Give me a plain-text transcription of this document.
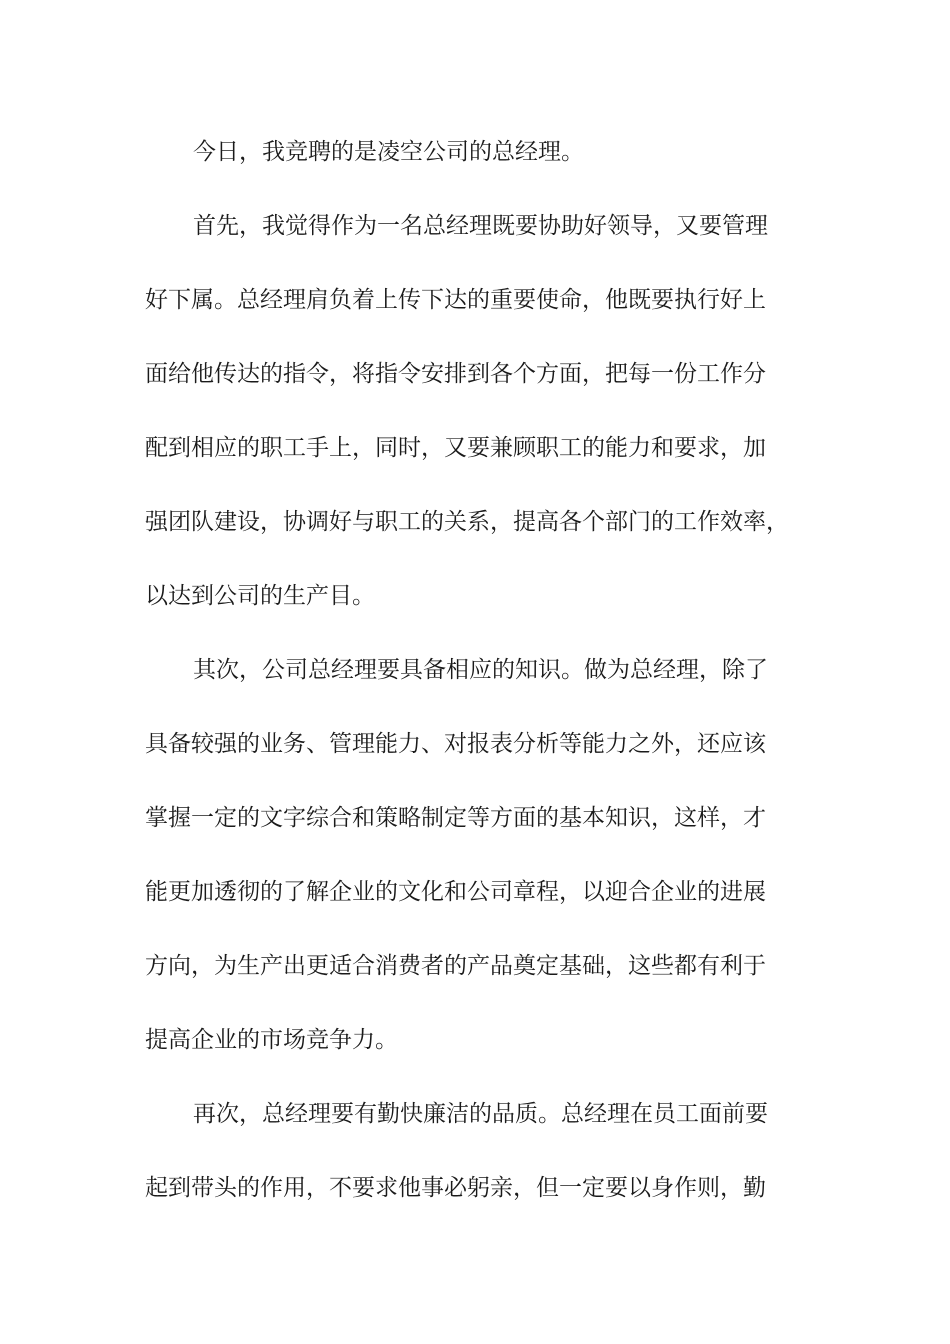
今日，我竞聘的是凌空公司的总经理。

首先，我觉得作为一名总经理既要协助好领导，又要管理

好下属。总经理肩负着上传下达的重要使命，他既要执行好上

面给他传达的指令，将指令安排到各个方面，把每一份工作分

配到相应的职工手上，同时，又要兼顾职工的能力和要求，加

强团队建设，协调好与职工的关系，提高各个部门的工作效率，

以达到公司的生产目。

其次，公司总经理要具备相应的知识。做为总经理，除了

具备较强的业务、管理能力、对报表分析等能力之外，还应该

掌握一定的文字综合和策略制定等方面的基本知识，这样，才

能更加透彻的了解企业的文化和公司章程，以迎合企业的进展

方向，为生产出更适合消费者的产品奠定基础，这些都有利于

提高企业的市场竞争力。

再次，总经理要有勤快廉洁的品质。总经理在员工面前要

起到带头的作用，不要求他事必躬亲，但一定要以身作则，勤
